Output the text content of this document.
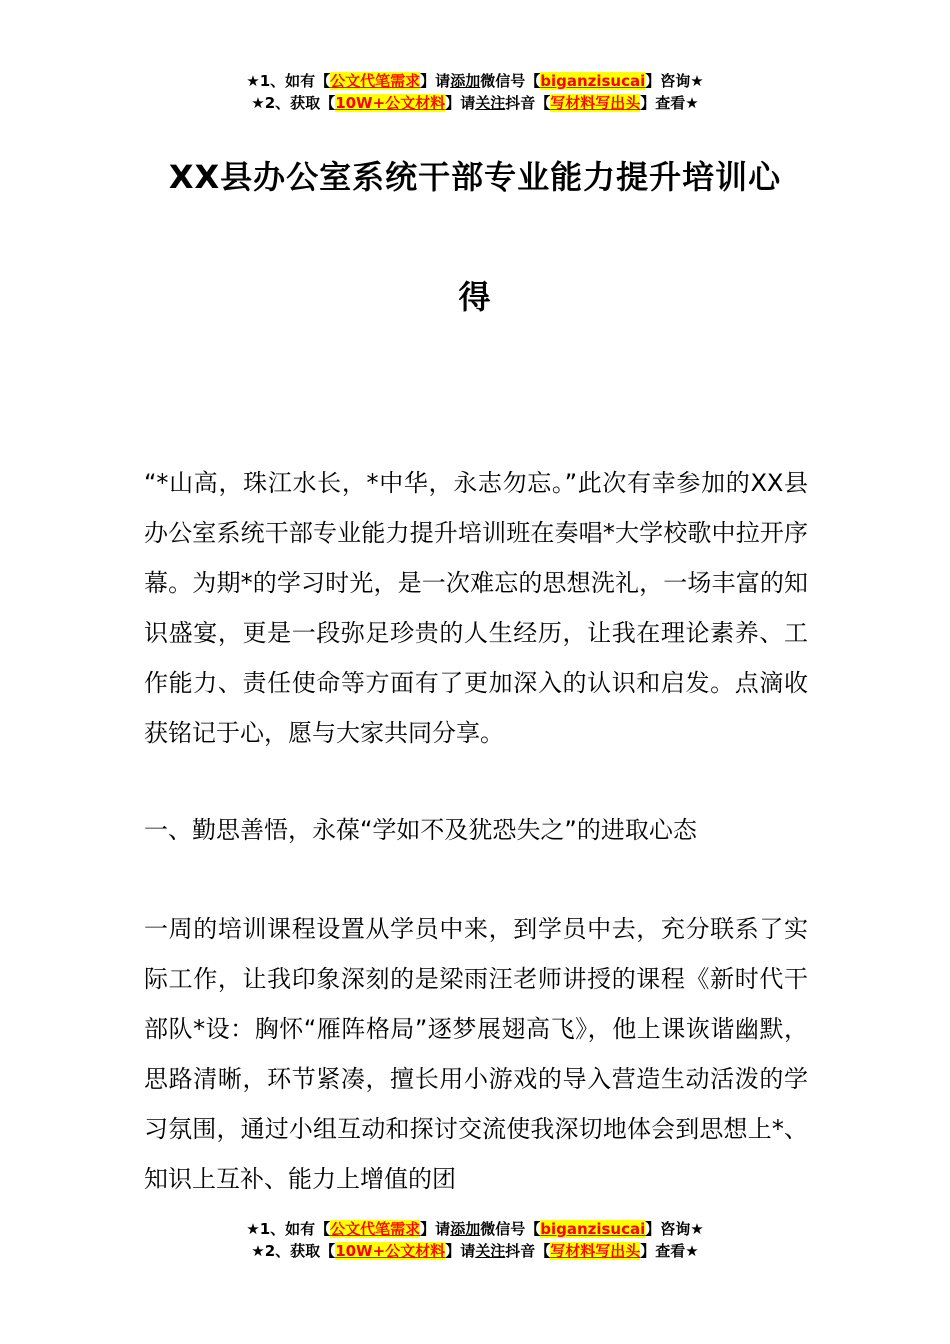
★1、如有【公文代笔需求】请添加微信号【biganzisucai】咨询★
★2、获取【10W+公文材料】请关注抖音【写材料写出头】查看★
XX县办公室系统干部专业能力提升培训心
得
“*山高，珠江水长，*中华，永志勿忘。”此次有幸参加的XX县办公室系统干部专业能力提升培训班在奏唱*大学校歌中拉开序幕。为期*的学习时光，是一次难忘的思想洗礼，一场丰富的知识盛宴，更是一段弥足珍贵的人生经历，让我在理论素养、工作能力、责任使命等方面有了更加深入的认识和启发。点滴收获铭记于心，愿与大家共同分享。
一、勤思善悟，永葆“学如不及犹恐失之”的进取心态
一周的培训课程设置从学员中来，到学员中去，充分联系了实际工作，让我印象深刻的是梁雨汪老师讲授的课程《新时代干部队*设：胸怀“雁阵格局”逐梦展翅高飞》，他上课诙谐幽默，思路清晰，环节紧凑，擅长用小游戏的导入营造生动活泼的学习氛围，通过小组互动和探讨交流使我深切地体会到思想上*、知识上互补、能力上增值的团
★1、如有【公文代笔需求】请添加微信号【biganzisucai】咨询★
★2、获取【10W+公文材料】请关注抖音【写材料写出头】查看★
